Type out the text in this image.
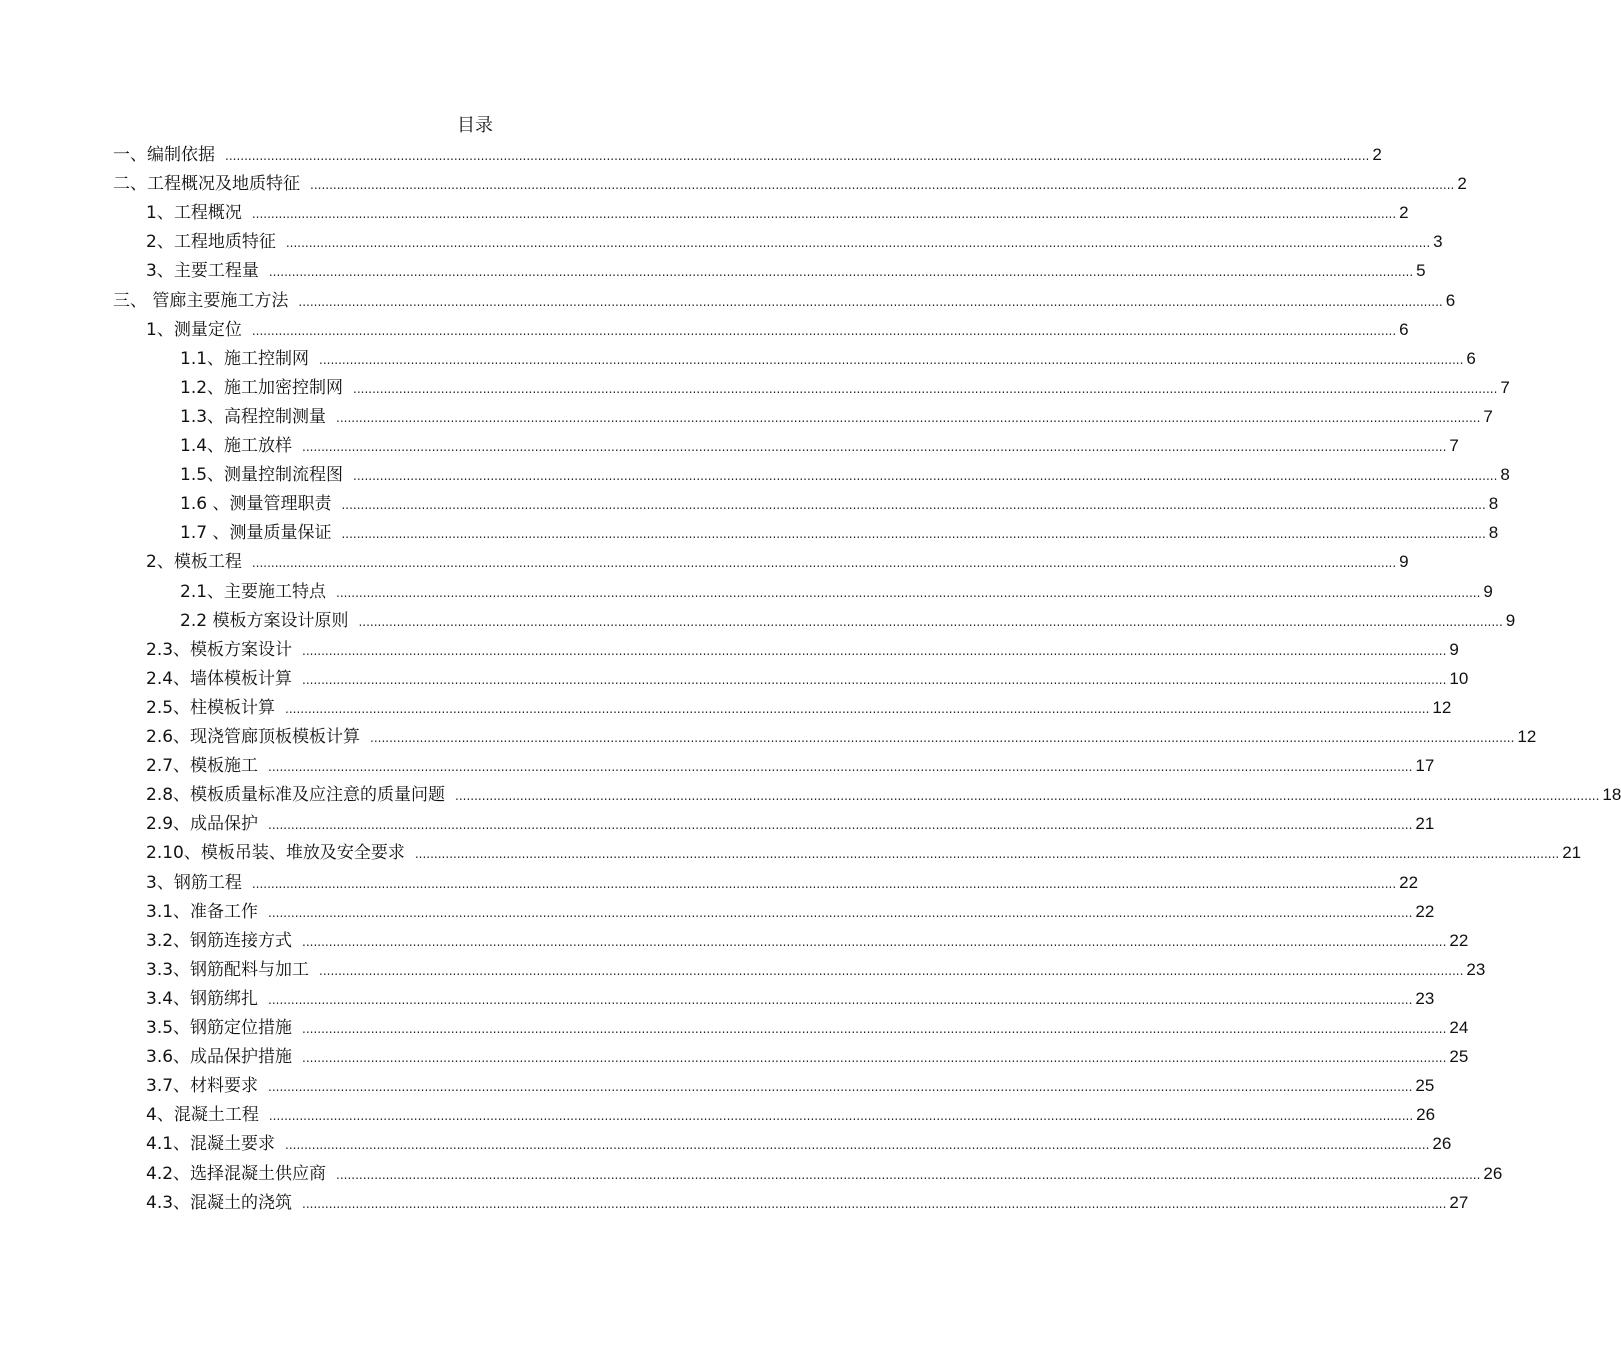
目录
一、编制依据 ............................................................................................................................................................................................................................................................................................................ 2
二、工程概况及地质特征 ............................................................................................................................................................................................................................................................................................................ 2
1、工程概况 ............................................................................................................................................................................................................................................................................................................ 2
2、工程地质特征 ............................................................................................................................................................................................................................................................................................................ 3
3、主要工程量 ............................................................................................................................................................................................................................................................................................................ 5
三、 管廊主要施工方法 ............................................................................................................................................................................................................................................................................................................ 6
1、测量定位 ............................................................................................................................................................................................................................................................................................................ 6
1.1、施工控制网 ............................................................................................................................................................................................................................................................................................................ 6
1.2、施工加密控制网 ............................................................................................................................................................................................................................................................................................................ 7
1.3、高程控制测量 ............................................................................................................................................................................................................................................................................................................ 7
1.4、施工放样 ............................................................................................................................................................................................................................................................................................................ 7
1.5、测量控制流程图 ............................................................................................................................................................................................................................................................................................................ 8
1.6 、测量管理职责 ............................................................................................................................................................................................................................................................................................................ 8
1.7 、测量质量保证 ............................................................................................................................................................................................................................................................................................................ 8
2、模板工程 ............................................................................................................................................................................................................................................................................................................ 9
2.1、主要施工特点 ............................................................................................................................................................................................................................................................................................................ 9
2.2 模板方案设计原则 ............................................................................................................................................................................................................................................................................................................ 9
2.3、模板方案设计 ............................................................................................................................................................................................................................................................................................................ 9
2.4、墙体模板计算 ............................................................................................................................................................................................................................................................................................................ 10
2.5、柱模板计算 ............................................................................................................................................................................................................................................................................................................ 12
2.6、现浇管廊顶板模板计算 ............................................................................................................................................................................................................................................................................................................ 12
2.7、模板施工 ............................................................................................................................................................................................................................................................................................................ 17
2.8、模板质量标准及应注意的质量问题 ............................................................................................................................................................................................................................................................................................................ 18
2.9、成品保护 ............................................................................................................................................................................................................................................................................................................ 21
2.10、模板吊装、堆放及安全要求 ............................................................................................................................................................................................................................................................................................................ 21
3、钢筋工程 ............................................................................................................................................................................................................................................................................................................ 22
3.1、准备工作 ............................................................................................................................................................................................................................................................................................................ 22
3.2、钢筋连接方式 ............................................................................................................................................................................................................................................................................................................ 22
3.3、钢筋配料与加工 ............................................................................................................................................................................................................................................................................................................ 23
3.4、钢筋绑扎 ............................................................................................................................................................................................................................................................................................................ 23
3.5、钢筋定位措施 ............................................................................................................................................................................................................................................................................................................ 24
3.6、成品保护措施 ............................................................................................................................................................................................................................................................................................................ 25
3.7、材料要求 ............................................................................................................................................................................................................................................................................................................ 25
4、混凝土工程 ............................................................................................................................................................................................................................................................................................................ 26
4.1、混凝土要求 ............................................................................................................................................................................................................................................................................................................ 26
4.2、选择混凝土供应商 ............................................................................................................................................................................................................................................................................................................ 26
4.3、混凝土的浇筑 ............................................................................................................................................................................................................................................................................................................ 27
